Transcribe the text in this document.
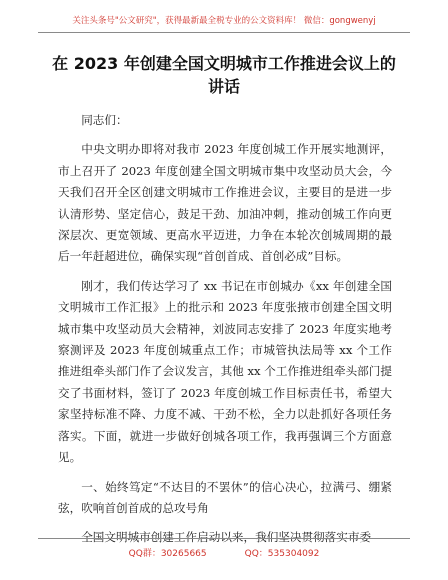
关注头条号"公文研究"，获得最新最全税专业的公文资料库！ 微信：gongwenyj
在 2023 年创建全国文明城市工作推进会议上的
讲话

同志们：

中央文明办即将对我市 2023 年度创城工作开展实地测评，市上召开了 2023 年度创建全国文明城市集中攻坚动员大会，今天我们召开全区创建文明城市工作推进会议，主要目的是进一步认清形势、坚定信心，鼓足干劲、加油冲刺，推动创城工作向更深层次、更宽领域、更高水平迈进，力争在本轮次创城周期的最后一年赶超进位，确保实现“首创首成、首创必成”目标。

刚才，我们传达学习了 xx 书记在市创城办《xx 年创建全国文明城市工作汇报》上的批示和 2023 年度张掖市创建全国文明城市集中攻坚动员大会精神，刘波同志安排了 2023 年度实地考察测评及 2023 年度创城重点工作；市城管执法局等 xx 个工作推进组牵头部门作了会议发言，其他 xx 个工作推进组牵头部门提交了书面材料，签订了 2023 年度创城工作目标责任书，希望大家坚持标准不降、力度不减、干劲不松，全力以赴抓好各项任务落实。下面，就进一步做好创城各项工作，我再强调三个方面意见。

一、始终笃定“不达目的不罢休”的信心决心，拉满弓、绷紧弦，吹响首创首成的总攻号角

全国文明城市创建工作启动以来，我们坚决贯彻落实市委

QQ群：30265665	QQ：535304092
